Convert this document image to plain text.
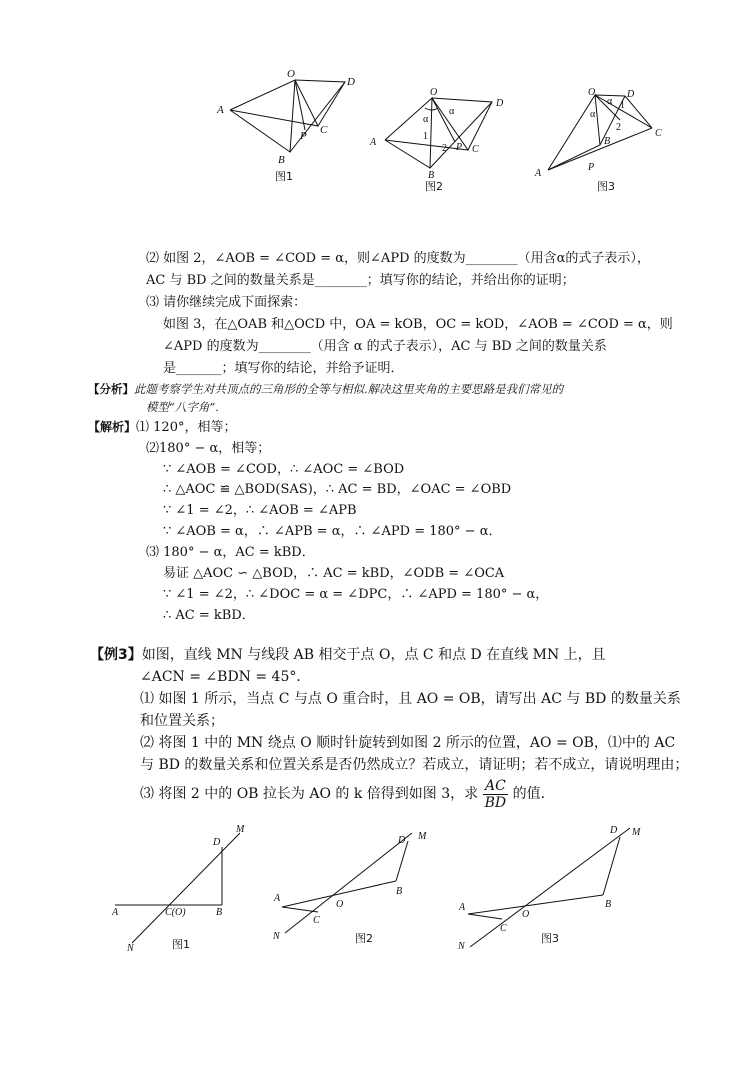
O
D
A
P C
B
图1
O
D
A	P C
B
α
α
1
2
图2
O	D
A
P
C
B
α
α 1
2
图3
⑵ 如图 2，∠AOB = ∠COD = α，则∠APD 的度数为________（用含α的式子表示），
AC 与 BD 之间的数量关系是________；填写你的结论，并给出你的证明；
⑶ 请你继续完成下面探索：
如图 3，在△OAB 和△OCD 中，OA = kOB，OC = kOD，∠AOB = ∠COD = α，则
∠APD 的度数为________（用含 α 的式子表示），AC 与 BD 之间的数量关系
是_______；填写你的结论，并给予证明．
【分析】此题考察学生对共顶点的三角形的全等与相似.解决这里夹角的主要思路是我们常见的
模型“八字角”.
【解析】⑴ 120°，相等；
⑵180° − α，相等；
∵ ∠AOB = ∠COD，∴ ∠AOC = ∠BOD
∴ △AOC ≌ △BOD(SAS)，∴ AC = BD，∠OAC = ∠OBD
∵ ∠1 = ∠2，∴ ∠AOB = ∠APB
∵ ∠AOB = α，∴ ∠APB = α，∴ ∠APD = 180° − α．
⑶ 180° − α，AC = kBD．
易证 △AOC ∽ △BOD，∴ AC = kBD，∠ODB = ∠OCA
∵ ∠1 = ∠2，∴ ∠DOC = α = ∠DPC，∴ ∠APD = 180° − α，
∴ AC = kBD．
【例3】如图，直线 MN 与线段 AB 相交于点 O，点 C 和点 D 在直线 MN 上，且
∠ACN = ∠BDN = 45°．
⑴ 如图 1 所示，当点 C 与点 O 重合时，且 AO = OB，请写出 AC 与 BD 的数量关系
和位置关系；
⑵ 将图 1 中的 MN 绕点 O 顺时针旋转到如图 2 所示的位置，AO = OB，⑴中的 AC
与 BD 的数量关系和位置关系是否仍然成立？若成立，请证明；若不成立，请说明理由；
⑶ 将图 2 中的 OB 拉长为 AO 的 k 倍得到如图 3，求 $\frac{AC}{BD}$ 的值．
M
D
A	C(O)	B
N	图1
M
D
A
O
B
C
N	图2
M
D
A
O
B
C
N
图3
